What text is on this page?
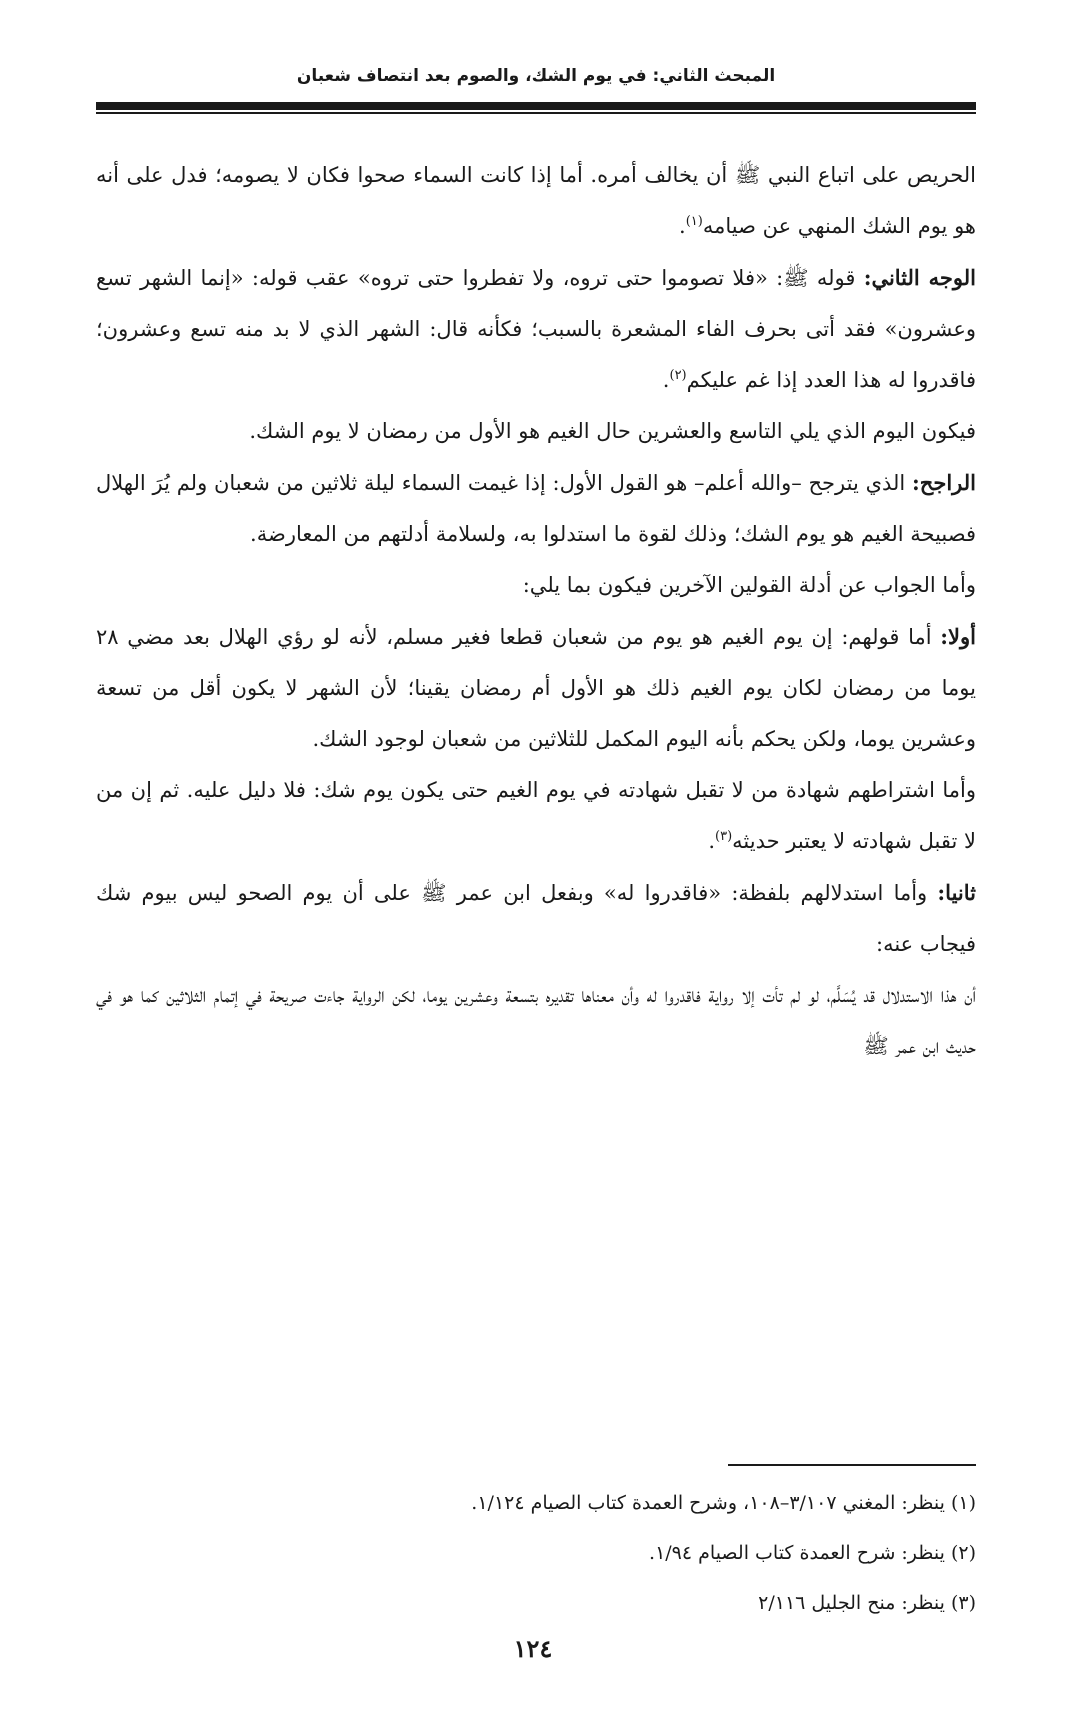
المبحث الثاني: في يوم الشك، والصوم بعد انتصاف شعبان

الحريص على اتباع النبي ﷺ أن يخالف أمره. أما إذا كانت السماء صحوا فكان لا يصومه؛ فدل على أنه هو يوم الشك المنهي عن صيامه$^{(١)}$.

الوجه الثاني: قوله ﷺ: «فلا تصوموا حتى تروه، ولا تفطروا حتى تروه» عقب قوله: «إنما الشهر تسع وعشرون» فقد أتى بحرف الفاء المشعرة بالسبب؛ فكأنه قال: الشهر الذي لا بد منه تسع وعشرون؛ فاقدروا له هذا العدد إذا غم عليكم$^{(٢)}$.

فيكون اليوم الذي يلي التاسع والعشرين حال الغيم هو الأول من رمضان لا يوم الشك.

الراجح: الذي يترجح –والله أعلم– هو القول الأول: إذا غيمت السماء ليلة ثلاثين من شعبان ولم يُرَ الهلال فصبيحة الغيم هو يوم الشك؛ وذلك لقوة ما استدلوا به، ولسلامة أدلتهم من المعارضة.

وأما الجواب عن أدلة القولين الآخرين فيكون بما يلي:

أولا: أما قولهم: إن يوم الغيم هو يوم من شعبان قطعا فغير مسلم، لأنه لو رؤي الهلال بعد مضي ٢٨ يوما من رمضان لكان يوم الغيم ذلك هو الأول أم رمضان يقينا؛ لأن الشهر لا يكون أقل من تسعة وعشرين يوما، ولكن يحكم بأنه اليوم المكمل للثلاثين من شعبان لوجود الشك.

وأما اشتراطهم شهادة من لا تقبل شهادته في يوم الغيم حتى يكون يوم شك: فلا دليل عليه. ثم إن من لا تقبل شهادته لا يعتبر حديثه$^{(٣)}$.

ثانيا: وأما استدلالهم بلفظة: «فاقدروا له» وبفعل ابن عمر ﷺ على أن يوم الصحو ليس بيوم شك فيجاب عنه:

أن هذا الاستدلال قد يُسَلَّم، لو لم تأت إلا رواية فاقدروا له وأن معناها تقديره بتسعة وعشرين يوما، لكن الرواية جاءت صريحة في إتمام الثلاثين كما هو في حديث ابن عمر ﷺ

(١) ينظر: المغني ٣/١٠٧–١٠٨، وشرح العمدة كتاب الصيام ١/١٢٤.

(٢) ينظر: شرح العمدة كتاب الصيام ١/٩٤.

(٣) ينظر: منح الجليل ٢/١١٦

١٢٤
